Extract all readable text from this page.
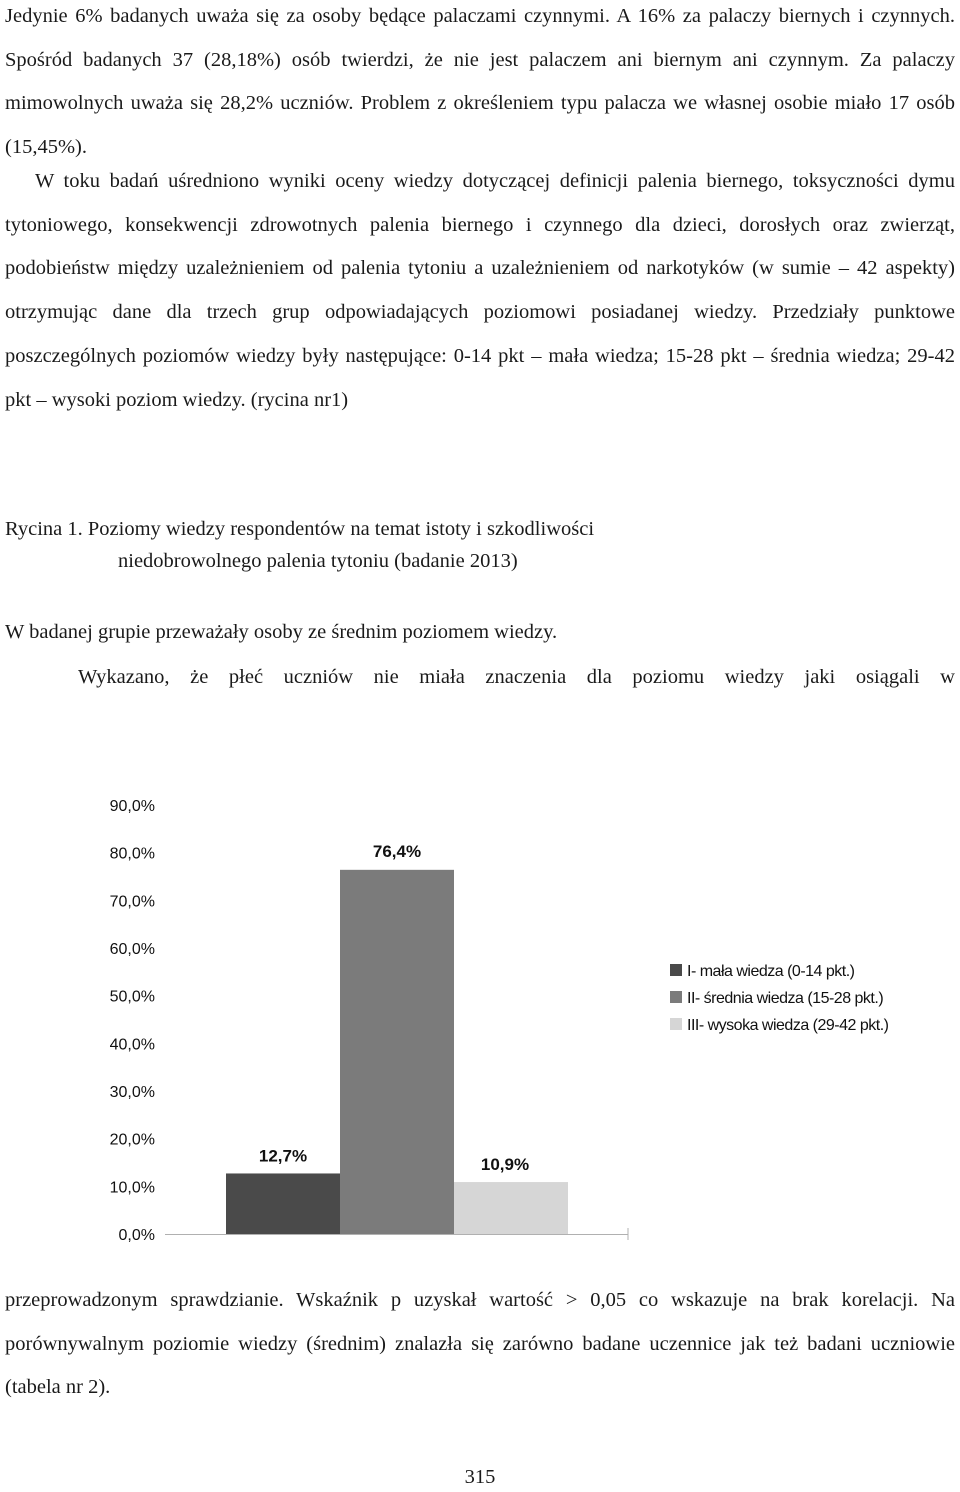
Jedynie 6% badanych uważa się za osoby będące palaczami czynnymi. A 16% za palaczy biernych i czynnych. Spośród badanych 37 (28,18%) osób twierdzi, że nie jest palaczem ani biernym ani czynnym. Za palaczy mimowolnych uważa się 28,2% uczniów. Problem z określeniem typu palacza we własnej osobie miało 17 osób (15,45%).

W toku badań uśredniono wyniki oceny wiedzy dotyczącej definicji palenia biernego, toksyczności dymu tytoniowego, konsekwencji zdrowotnych palenia biernego i czynnego dla dzieci, dorosłych oraz zwierząt, podobieństw między uzależnieniem od palenia tytoniu a uzależnieniem od narkotyków (w sumie – 42 aspekty) otrzymując dane dla trzech grup odpowiadających poziomowi posiadanej wiedzy. Przedziały punktowe poszczególnych poziomów wiedzy były następujące: 0-14 pkt – mała wiedza; 15-28 pkt – średnia wiedza; 29-42 pkt – wysoki poziom wiedzy. (rycina nr1)

Rycina 1. Poziomy wiedzy respondentów na temat istoty i szkodliwości
niedobrowolnego palenia tytoniu (badanie 2013)

W badanej grupie przeważały osoby ze średnim poziomem wiedzy.

Wykazano, że płeć uczniów nie miała znaczenia dla poziomu wiedzy jaki osiągali w

0,0%
10,0%
20,0%
30,0%
40,0%
50,0%
60,0%
70,0%
80,0%
90,0%
12,7%
76,4%
10,9%
I- mała wiedza (0-14 pkt.)
II- średnia wiedza (15-28 pkt.)
III- wysoka wiedza (29-42 pkt.)

przeprowadzonym sprawdzianie. Wskaźnik p uzyskał wartość > 0,05 co wskazuje na brak korelacji. Na porównywalnym poziomie wiedzy (średnim) znalazła się zarówno badane uczennice jak też badani uczniowie (tabela nr 2).

315
